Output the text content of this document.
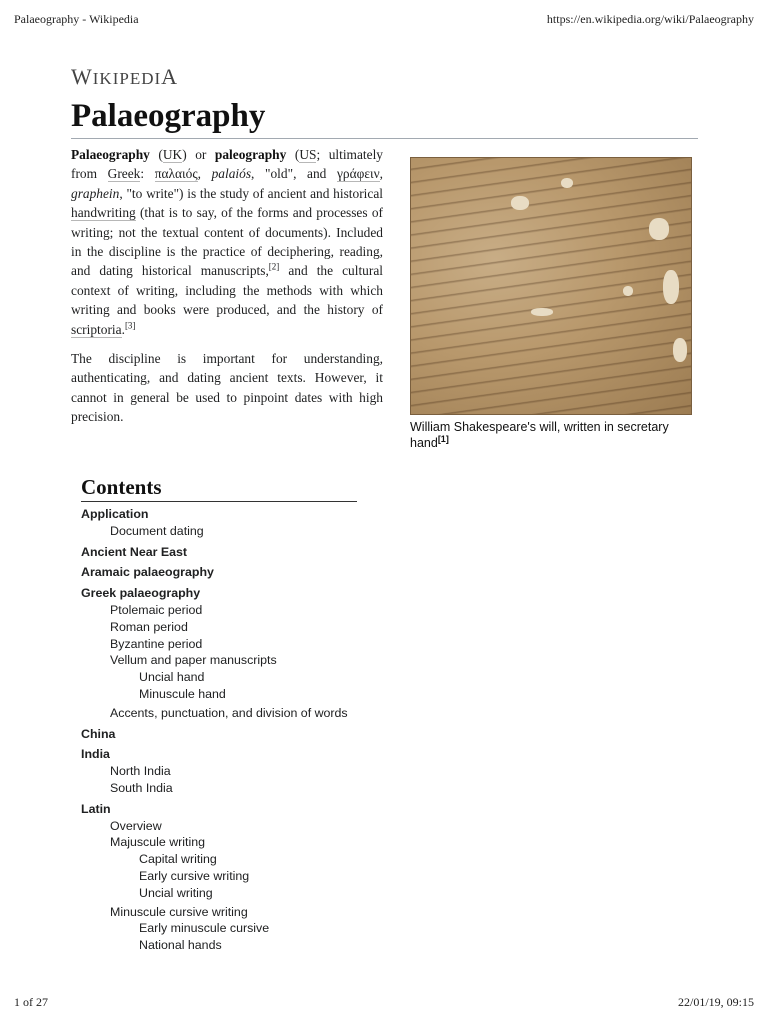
Palaeography - Wikipedia	https://en.wikipedia.org/wiki/Palaeography
WIKIPEDIA
Palaeography

Palaeography (UK) or paleography (US; ultimately from Greek: παλαιός, palaiós, "old", and γράφειν, graphein, "to write") is the study of ancient and historical handwriting (that is to say, of the forms and processes of writing; not the textual content of documents). Included in the discipline is the practice of deciphering, reading, and dating historical manuscripts,[2] and the cultural context of writing, including the methods with which writing and books were produced, and the history of scriptoria.[3]

The discipline is important for understanding, authenticating, and dating ancient texts. However, it cannot in general be used to pinpoint dates with high precision.

William Shakespeare's will, written in secretary hand[1]
Contents
Application
Document dating
Ancient Near East
Aramaic palaeography
Greek palaeography
Ptolemaic period
Roman period
Byzantine period
Vellum and paper manuscripts
Uncial hand
Minuscule hand
Accents, punctuation, and division of words
China
India
North India
South India
Latin
Overview
Majuscule writing
Capital writing
Early cursive writing
Uncial writing
Minuscule cursive writing
Early minuscule cursive
National hands
1 of 27	22/01/19, 09:15
